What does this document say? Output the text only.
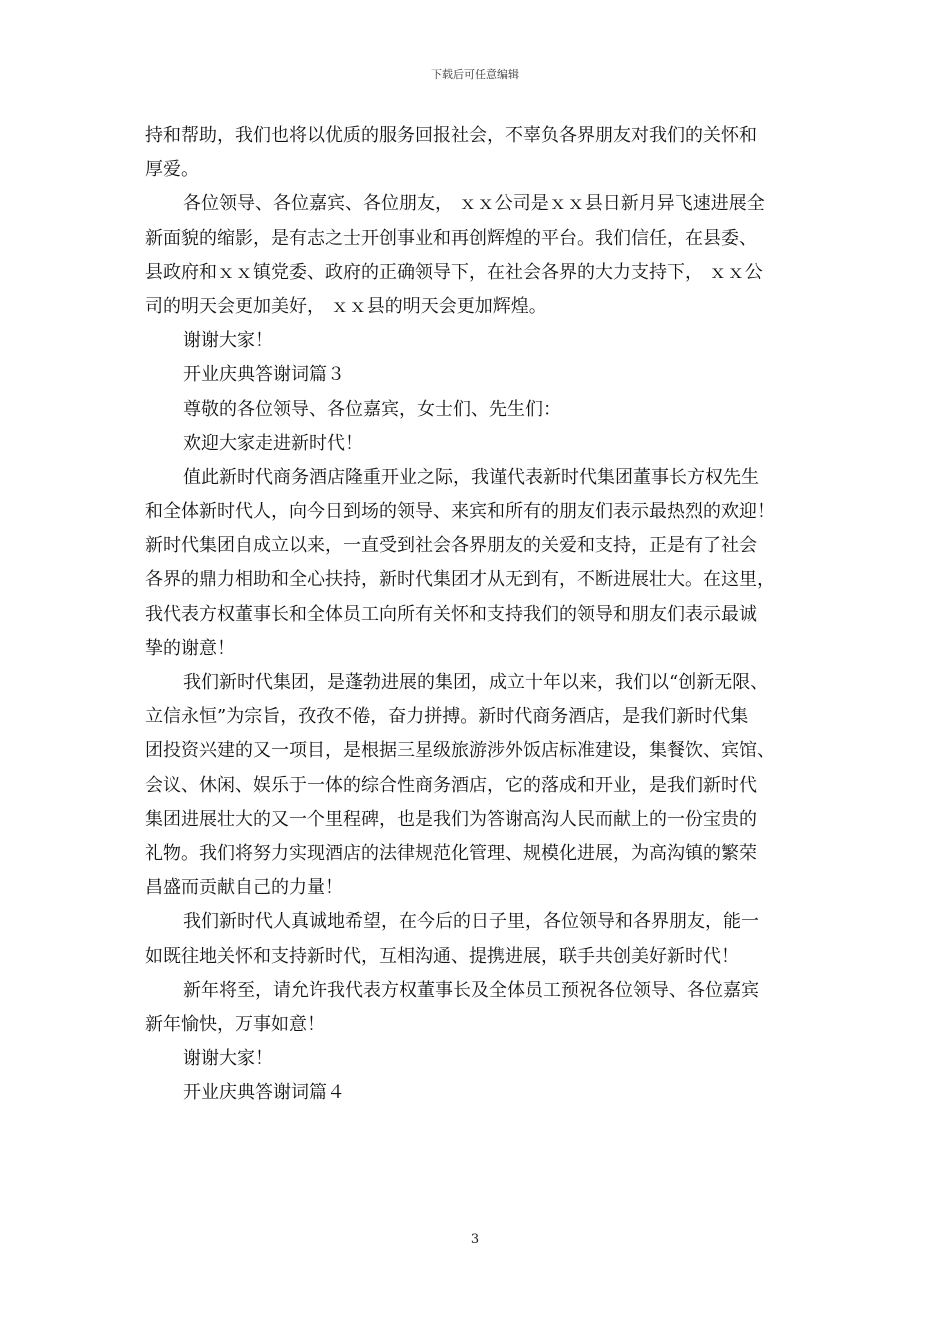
下载后可任意编辑
持和帮助，我们也将以优质的服务回报社会，不辜负各界朋友对我们的关怀和
厚爱。
各位领导、各位嘉宾、各位朋友， ｘｘ公司是ｘｘ县日新月异飞速进展全
新面貌的缩影，是有志之士开创事业和再创辉煌的平台。我们信任，在县委、
县政府和ｘｘ镇党委、政府的正确领导下，在社会各界的大力支持下， ｘｘ公
司的明天会更加美好， ｘｘ县的明天会更加辉煌。
谢谢大家！
开业庆典答谢词篇３
尊敬的各位领导、各位嘉宾，女士们、先生们：
欢迎大家走进新时代！
值此新时代商务酒店隆重开业之际，我谨代表新时代集团董事长方权先生
和全体新时代人，向今日到场的领导、来宾和所有的朋友们表示最热烈的欢迎！
新时代集团自成立以来，一直受到社会各界朋友的关爱和支持，正是有了社会
各界的鼎力相助和全心扶持，新时代集团才从无到有，不断进展壮大。在这里，
我代表方权董事长和全体员工向所有关怀和支持我们的领导和朋友们表示最诚
挚的谢意！
我们新时代集团，是蓬勃进展的集团，成立十年以来，我们以“创新无限、
立信永恒”为宗旨，孜孜不倦，奋力拼搏。新时代商务酒店，是我们新时代集
团投资兴建的又一项目，是根据三星级旅游涉外饭店标准建设，集餐饮、宾馆、
会议、休闲、娱乐于一体的综合性商务酒店，它的落成和开业，是我们新时代
集团进展壮大的又一个里程碑，也是我们为答谢高沟人民而献上的一份宝贵的
礼物。我们将努力实现酒店的法律规范化管理、规模化进展，为高沟镇的繁荣
昌盛而贡献自己的力量！
我们新时代人真诚地希望，在今后的日子里，各位领导和各界朋友，能一
如既往地关怀和支持新时代，互相沟通、提携进展，联手共创美好新时代！
新年将至，请允许我代表方权董事长及全体员工预祝各位领导、各位嘉宾
新年愉快，万事如意！
谢谢大家！
开业庆典答谢词篇４
3
